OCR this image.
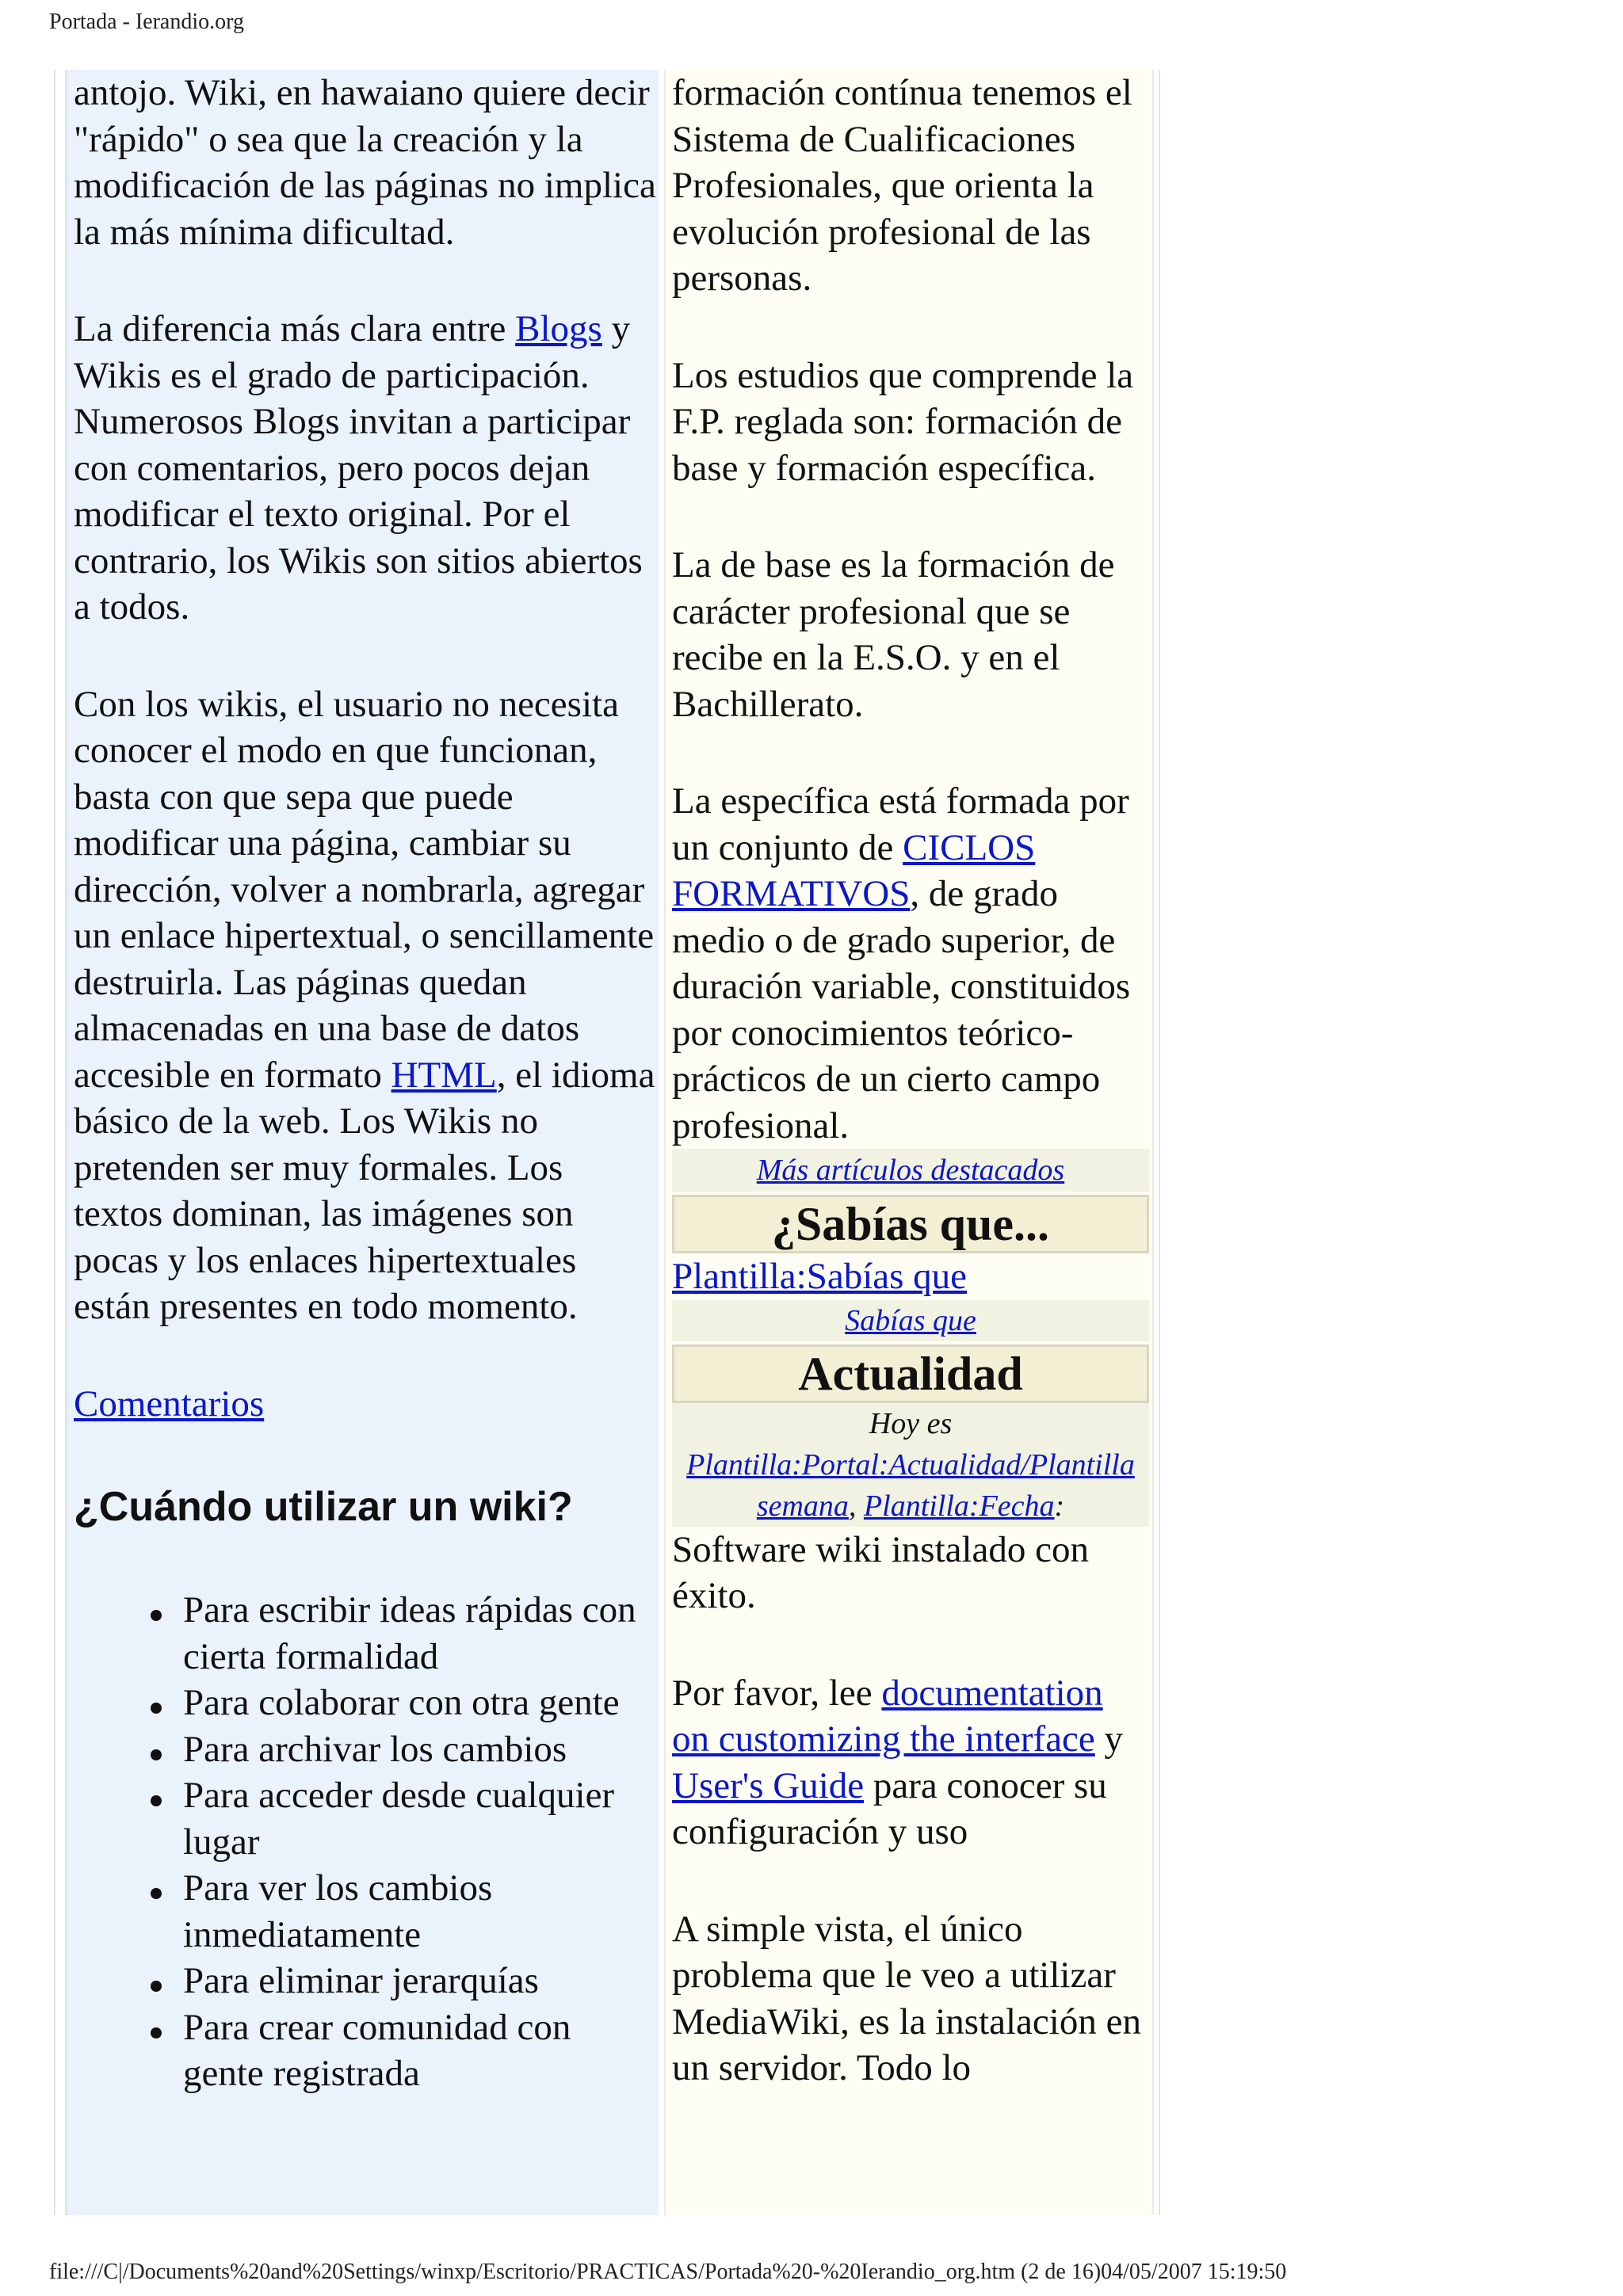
Portada - Ierandio.org

antojo. Wiki, en hawaiano quiere decir "rápido" o sea que la creación y la modificación de las páginas no implica la más mínima dificultad.

La diferencia más clara entre Blogs y Wikis es el grado de participación. Numerosos Blogs invitan a participar con comentarios, pero pocos dejan modificar el texto original. Por el contrario, los Wikis son sitios abiertos a todos.

Con los wikis, el usuario no necesita conocer el modo en que funcionan, basta con que sepa que puede modificar una página, cambiar su dirección, volver a nombrarla, agregar un enlace hipertextual, o sencillamente destruirla. Las páginas quedan almacenadas en una base de datos accesible en formato HTML, el idioma básico de la web. Los Wikis no pretenden ser muy formales. Los textos dominan, las imágenes son pocas y los enlaces hipertextuales están presentes en todo momento.

Comentarios

¿Cuándo utilizar un wiki?
Para escribir ideas rápidas con cierta formalidad
Para colaborar con otra gente
Para archivar los cambios
Para acceder desde cualquier lugar
Para ver los cambios inmediatamente
Para eliminar jerarquías
Para crear comunidad con gente registrada

formación contínua tenemos el Sistema de Cualificaciones Profesionales, que orienta la evolución profesional de las personas.

Los estudios que comprende la F.P. reglada son: formación de base y formación específica.

La de base es la formación de carácter profesional que se recibe en la E.S.O. y en el Bachillerato.

La específica está formada por un conjunto de CICLOS FORMATIVOS, de grado medio o de grado superior, de duración variable, constituidos por conocimientos teórico-prácticos de un cierto campo profesional.

Más artículos destacados
¿Sabías que...
Plantilla:Sabías que
Sabías que
Actualidad
Hoy es Plantilla:Portal:Actualidad/Plantilla semana, Plantilla:Fecha:

Software wiki instalado con éxito.

Por favor, lee documentation on customizing the interface y User's Guide para conocer su configuración y uso

A simple vista, el único problema que le veo a utilizar MediaWiki, es la instalación en un servidor. Todo lo

file:///C|/Documents%20and%20Settings/winxp/Escritorio/PRACTICAS/Portada%20-%20Ierandio_org.htm (2 de 16)04/05/2007 15:19:50
